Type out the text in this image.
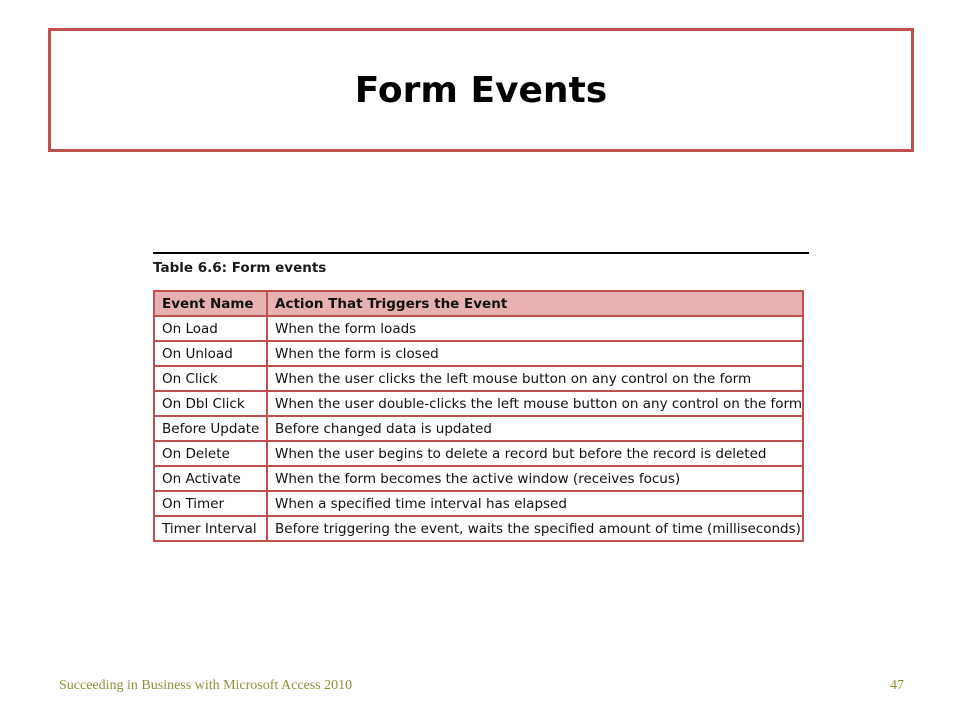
Form Events
Table 6.6: Form events
Event Name	Action That Triggers the Event
On Load	When the form loads
On Unload	When the form is closed
On Click	When the user clicks the left mouse button on any control on the form
On Dbl Click	When the user double-clicks the left mouse button on any control on the form
Before Update	Before changed data is updated
On Delete	When the user begins to delete a record but before the record is deleted
On Activate	When the form becomes the active window (receives focus)
On Timer	When a specified time interval has elapsed
Timer Interval	Before triggering the event, waits the specified amount of time (milliseconds)
Succeeding in Business with Microsoft Access 2010	47
